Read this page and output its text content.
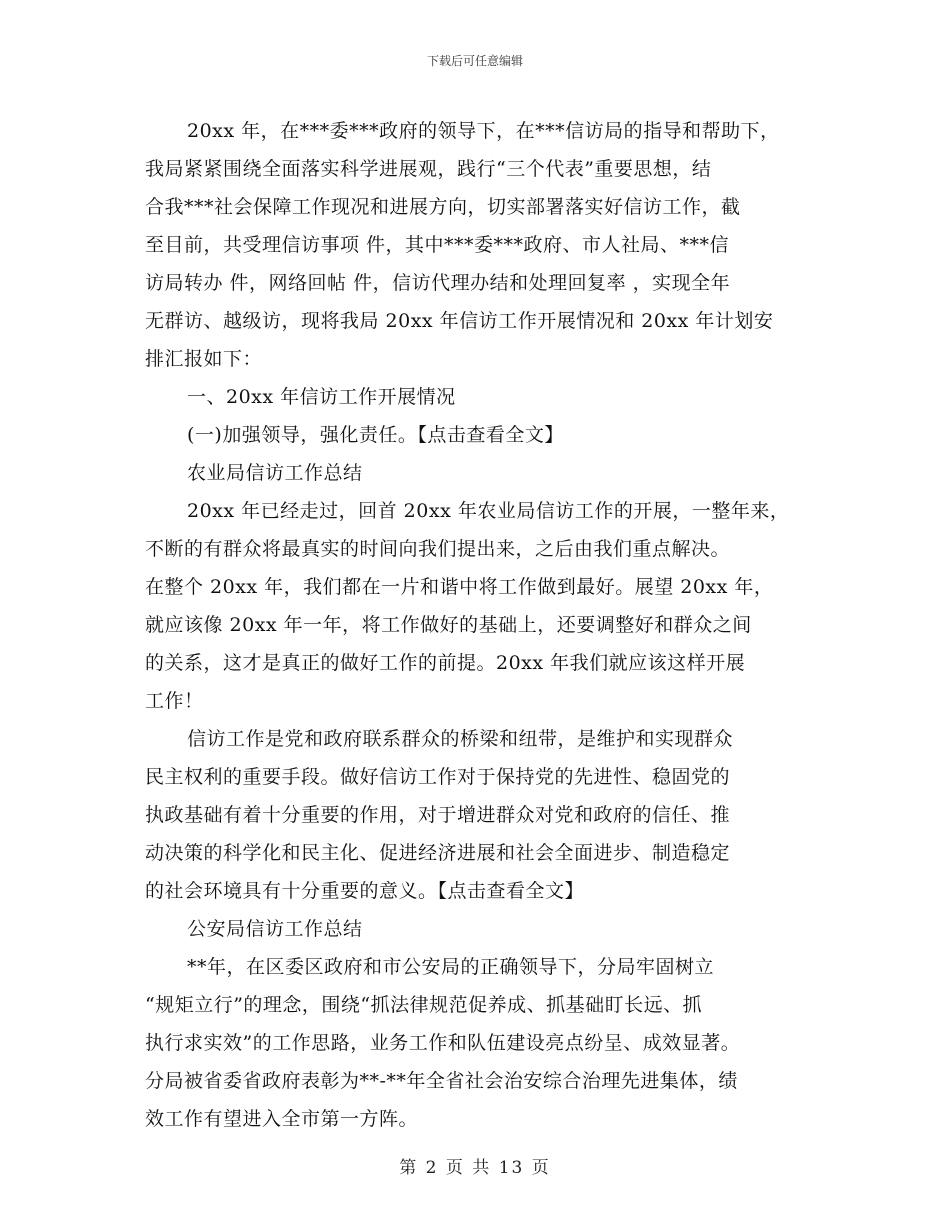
下载后可任意编辑
20xx 年，在***委***政府的领导下，在***信访局的指导和帮助下，
我局紧紧围绕全面落实科学进展观，践行“三个代表”重要思想，结
合我***社会保障工作现况和进展方向，切实部署落实好信访工作，截
至目前，共受理信访事项 件，其中***委***政府、市人社局、***信
访局转办 件，网络回帖 件，信访代理办结和处理回复率 ，实现全年
无群访、越级访，现将我局 20xx 年信访工作开展情况和 20xx 年计划安
排汇报如下：
一、20xx 年信访工作开展情况
(一)加强领导，强化责任。【点击查看全文】
农业局信访工作总结
20xx 年已经走过，回首 20xx 年农业局信访工作的开展，一整年来，
不断的有群众将最真实的时间向我们提出来，之后由我们重点解决。
在整个 20xx 年，我们都在一片和谐中将工作做到最好。展望 20xx 年，
就应该像 20xx 年一年，将工作做好的基础上，还要调整好和群众之间
的关系，这才是真正的做好工作的前提。20xx 年我们就应该这样开展
工作！
信访工作是党和政府联系群众的桥梁和纽带，是维护和实现群众
民主权利的重要手段。做好信访工作对于保持党的先进性、稳固党的
执政基础有着十分重要的作用，对于增进群众对党和政府的信任、推
动决策的科学化和民主化、促进经济进展和社会全面进步、制造稳定
的社会环境具有十分重要的意义。【点击查看全文】
公安局信访工作总结
**年，在区委区政府和市公安局的正确领导下，分局牢固树立
“规矩立行”的理念，围绕“抓法律规范促养成、抓基础盯长远、抓
执行求实效”的工作思路，业务工作和队伍建设亮点纷呈、成效显著。
分局被省委省政府表彰为**-**年全省社会治安综合治理先进集体，绩
效工作有望进入全市第一方阵。
第 2 页 共 13 页
